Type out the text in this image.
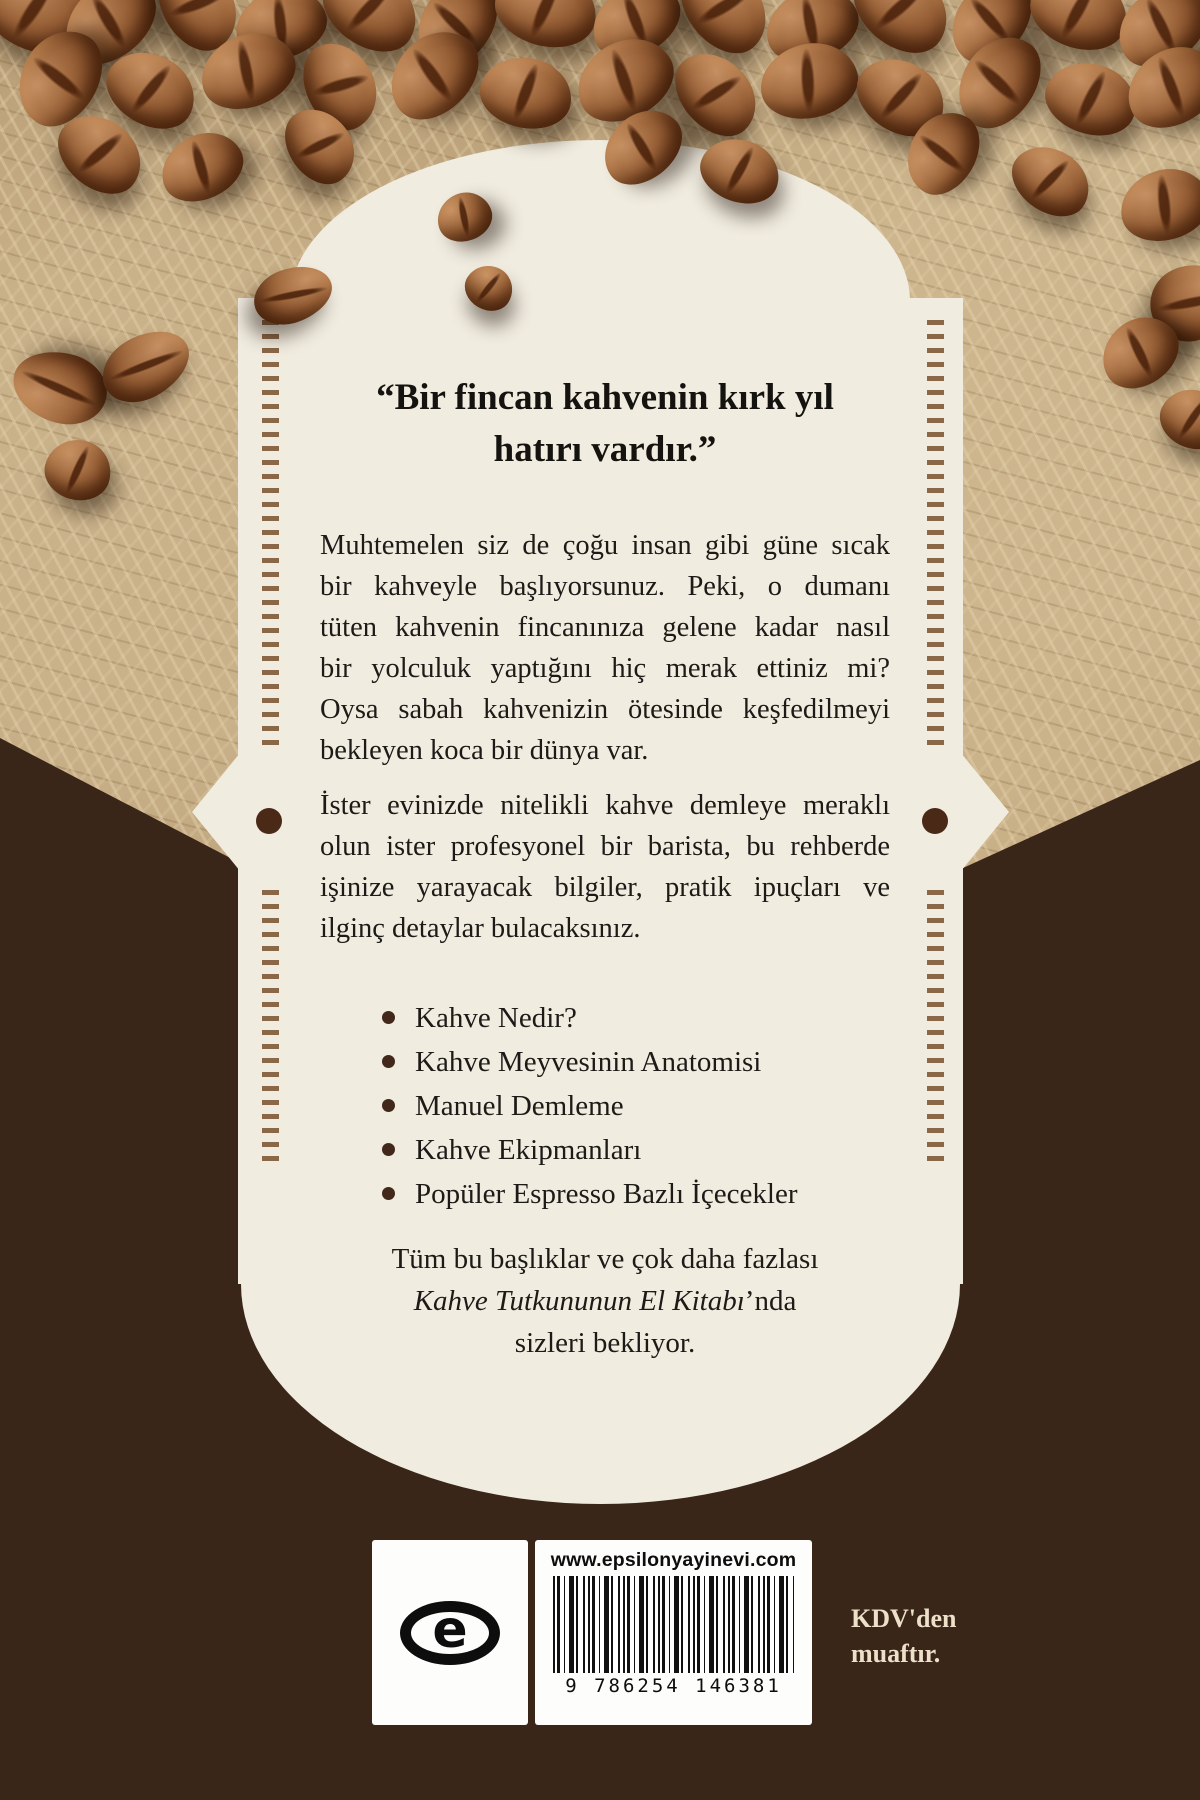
“Bir fincan kahvenin kırk yıl
hatırı vardır.”
Muhtemelen siz de çoğu insan gibi güne sıcak
bir kahveyle başlıyorsunuz. Peki, o dumanı
tüten kahvenin fincanınıza gelene kadar nasıl
bir yolculuk yaptığını hiç merak ettiniz mi?
Oysa sabah kahvenizin ötesinde keşfedilmeyi
bekleyen koca bir dünya var.
İster evinizde nitelikli kahve demleye meraklı
olun ister profesyonel bir barista, bu rehberde
işinize yarayacak bilgiler, pratik ipuçları ve
ilginç detaylar bulacaksınız.
Kahve Nedir?
Kahve Meyvesinin Anatomisi
Manuel Demleme
Kahve Ekipmanları
Popüler Espresso Bazlı İçecekler
Tüm bu başlıklar ve çok daha fazlası
Kahve Tutkununun El Kitabı’nda
sizleri bekliyor.
e
www.epsilonyayinevi.com
9 786254 146381
KDV'den
muaftır.
